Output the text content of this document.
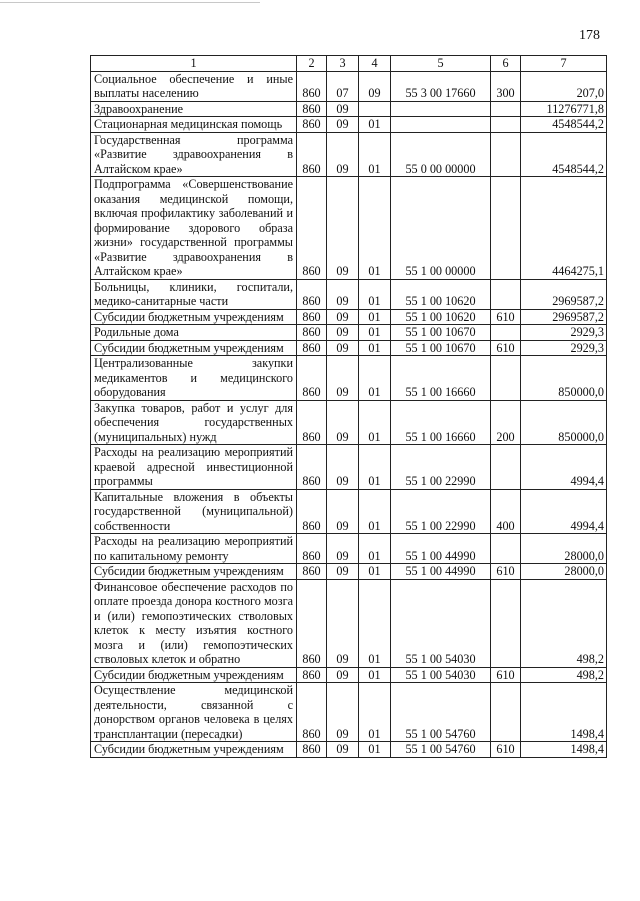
178
1	2	3	4	5	6	7
Социальное обеспечение и иные выплаты населению	860	07	09	55 3 00 17660	300	207,0
Здравоохранение	860	09				11276771,8
Стационарная медицинская помощь	860	09	01			4548544,2
Государственная программа «Развитие здравоохранения в Алтайском крае»	860	09	01	55 0 00 00000		4548544,2
Подпрограмма «Совершенствование оказания медицинской помощи, включая профилактику заболеваний и формирование здорового образа жизни» государственной программы «Развитие здравоохранения в Алтайском крае»	860	09	01	55 1 00 00000		4464275,1
Больницы, клиники, госпитали, медико-санитарные части	860	09	01	55 1 00 10620		2969587,2
Субсидии бюджетным учреждениям	860	09	01	55 1 00 10620	610	2969587,2
Родильные дома	860	09	01	55 1 00 10670		2929,3
Субсидии бюджетным учреждениям	860	09	01	55 1 00 10670	610	2929,3
Централизованные закупки медикаментов и медицинского оборудования	860	09	01	55 1 00 16660		850000,0
Закупка товаров, работ и услуг для обеспечения государственных (муниципальных) нужд	860	09	01	55 1 00 16660	200	850000,0
Расходы на реализацию мероприятий краевой адресной инвестиционной программы	860	09	01	55 1 00 22990		4994,4
Капитальные вложения в объекты государственной (муниципальной) собственности	860	09	01	55 1 00 22990	400	4994,4
Расходы на реализацию мероприятий по капитальному ремонту	860	09	01	55 1 00 44990		28000,0
Субсидии бюджетным учреждениям	860	09	01	55 1 00 44990	610	28000,0
Финансовое обеспечение расходов по оплате проезда донора костного мозга и (или) гемопоэтических стволовых клеток к месту изъятия костного мозга и (или) гемопоэтических стволовых клеток и обратно	860	09	01	55 1 00 54030		498,2
Субсидии бюджетным учреждениям	860	09	01	55 1 00 54030	610	498,2
Осуществление медицинской деятельности, связанной с донорством органов человека в целях трансплантации (пересадки)	860	09	01	55 1 00 54760		1498,4
Субсидии бюджетным учреждениям	860	09	01	55 1 00 54760	610	1498,4
